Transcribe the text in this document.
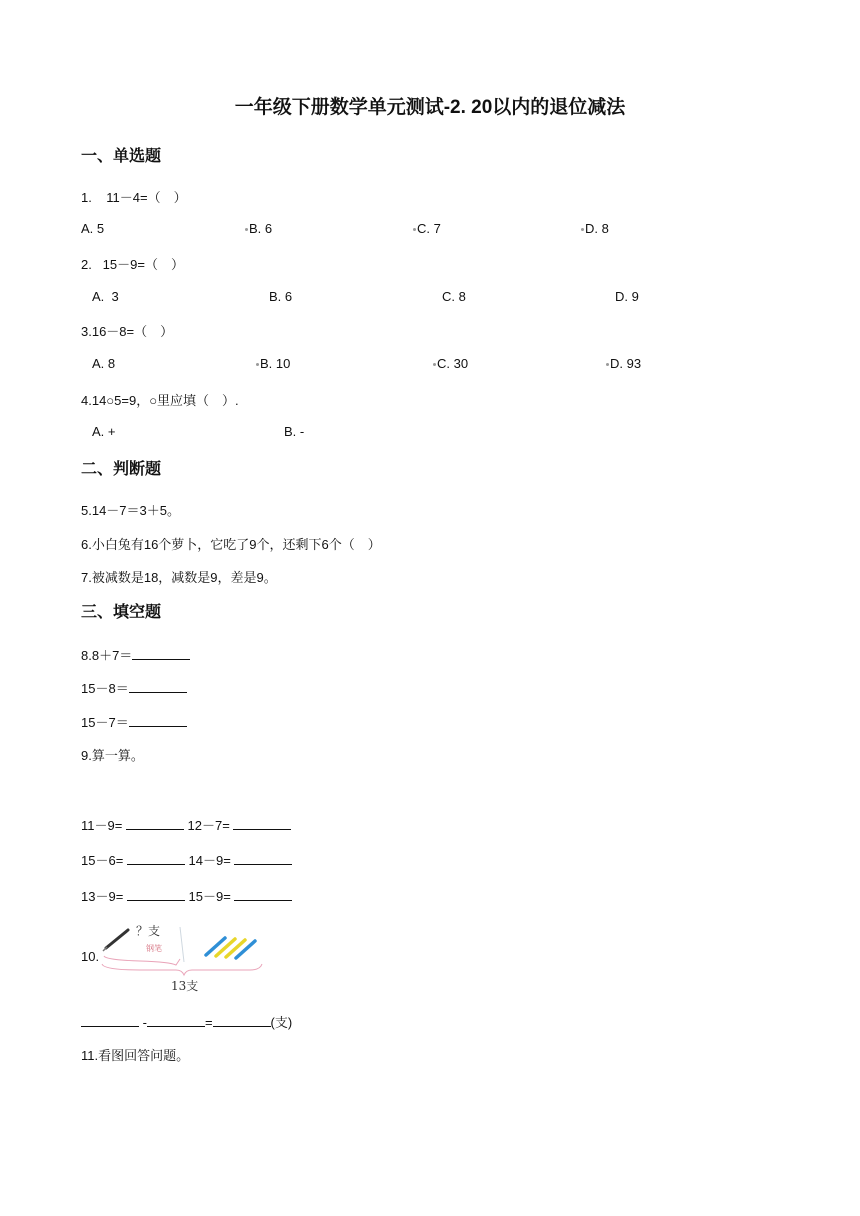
一年级下册数学单元测试-2. 20以内的退位减法
一、单选题
1.    11－4=（　）
A. 5	B. 6	C. 7	D. 8
2.   15－9=（　）
A.  3	B. 6	C. 8	D. 9
3.16－8=（　）
A. 8	B. 10	C. 30	D. 93
4.14○5=9，○里应填（　）.
A. +	B. -
二、判断题
5.14－7＝3＋5。
6.小白兔有16个萝卜，它吃了9个，还剩下6个（　）
7.被减数是18，减数是9，差是9。
三、填空题
8.8＋7＝
15－8＝
15－7＝
9.算一算。
11－9=	12－7=
15－6=	14－9=
13－9=	15－9=
10.
？支
钢笔
13支
-	=	(支)
11.看图回答问题。
